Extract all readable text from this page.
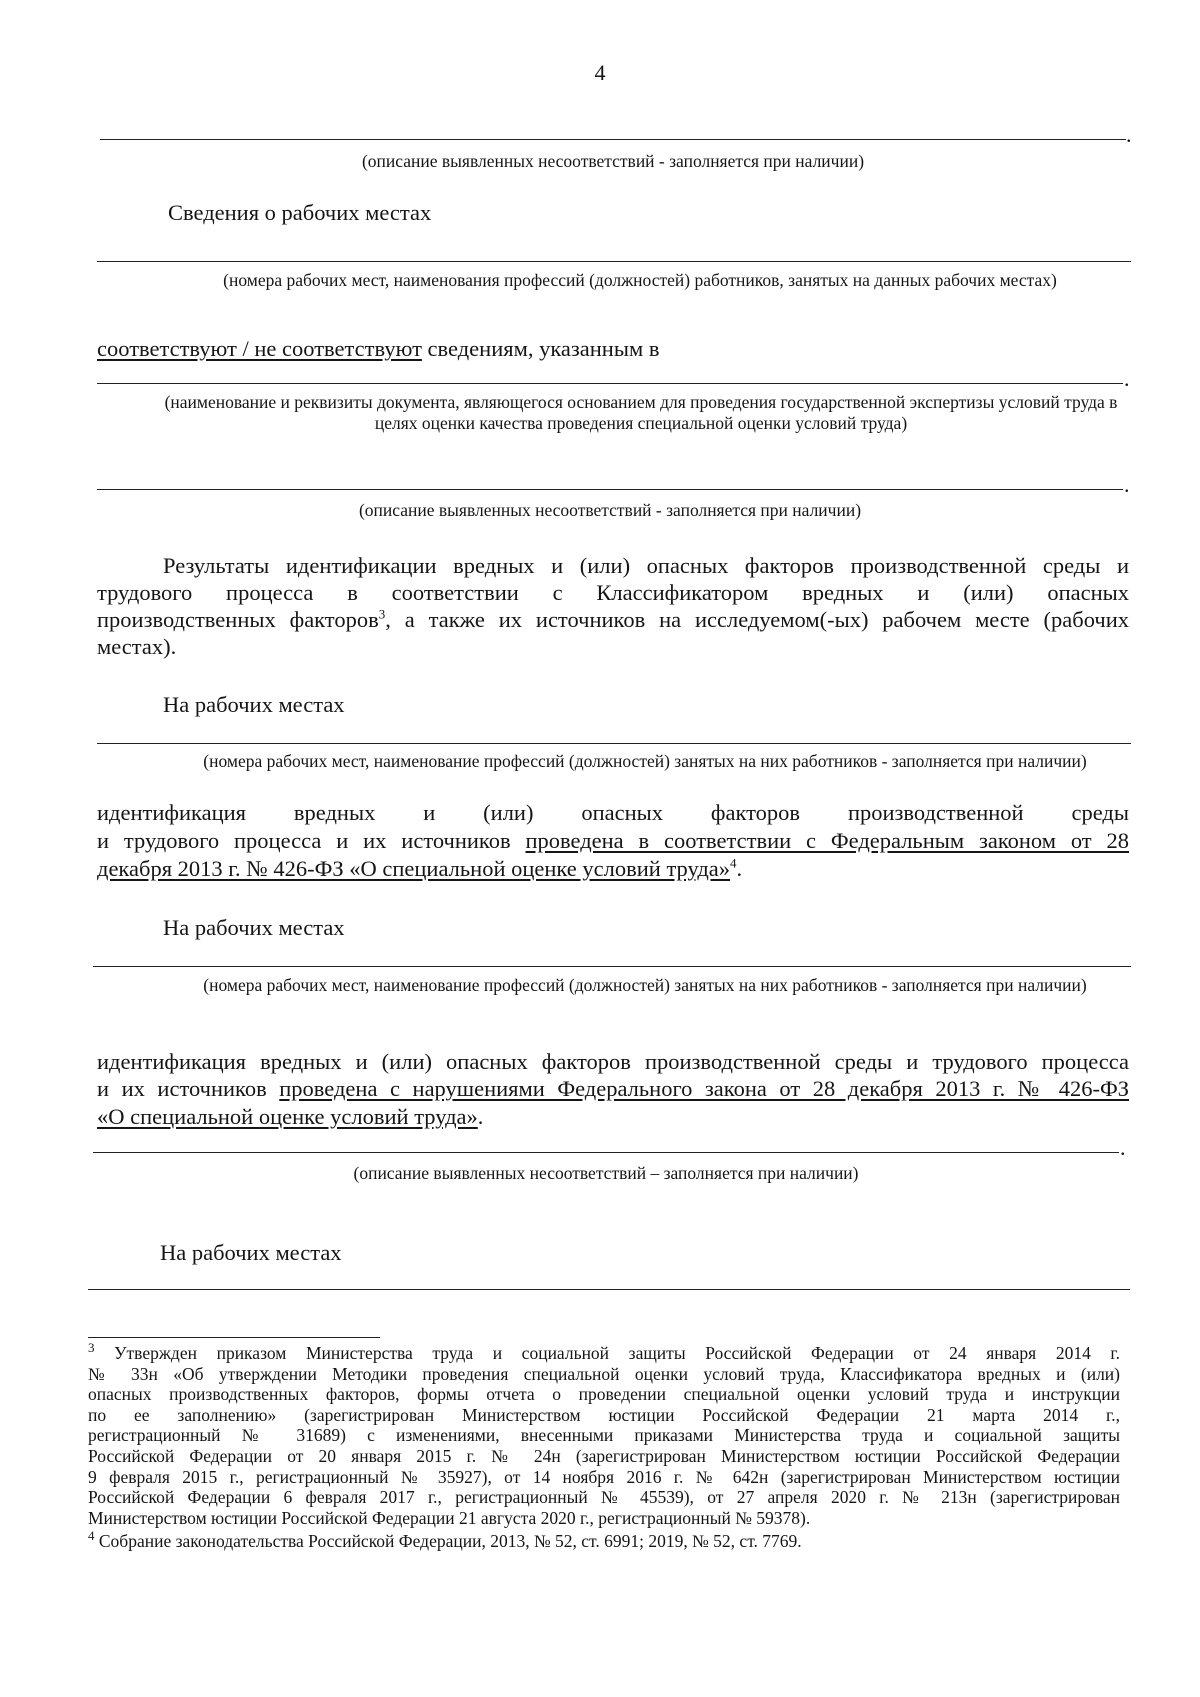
4
.
(описание выявленных несоответствий - заполняется при наличии)
Сведения о рабочих местах
(номера рабочих мест, наименования профессий (должностей) работников, занятых на данных рабочих местах)
соответствуют / не соответствуют сведениям, указанным в
.
(наименование и реквизиты документа, являющегося основанием для проведения государственной экспертизы условий труда в целях оценки качества проведения специальной оценки условий труда)
.
(описание выявленных несоответствий - заполняется при наличии)
Результаты идентификации вредных и (или) опасных факторов производственной среды и
трудового процесса в соответствии с Классификатором вредных и (или) опасных
производственных факторов$^3$, а также их источников на исследуемом(-ых) рабочем месте (рабочих
местах).
На рабочих местах
(номера рабочих мест, наименование профессий (должностей) занятых на них работников - заполняется при наличии)
идентификация вредных и (или) опасных факторов производственной среды
и трудового процесса и их источников проведена в соответствии с Федеральным законом от 28
декабря 2013 г. № 426-ФЗ «О специальной оценке условий труда»$^4$.
На рабочих местах
(номера рабочих мест, наименование профессий (должностей) занятых на них работников - заполняется при наличии)
идентификация вредных и (или) опасных факторов производственной среды и трудового процесса
и их источников проведена с нарушениями Федерального закона от 28 декабря 2013 г. № 426-ФЗ
«О специальной оценке условий труда».
.
(описание выявленных несоответствий – заполняется при наличии)
На рабочих местах
$^3$ Утвержден приказом Министерства труда и социальной защиты Российской Федерации от 24 января 2014 г.
№ 33н «Об утверждении Методики проведения специальной оценки условий труда, Классификатора вредных и (или)
опасных производственных факторов, формы отчета о проведении специальной оценки условий труда и инструкции
по ее заполнению» (зарегистрирован Министерством юстиции Российской Федерации 21 марта 2014 г.,
регистрационный № 31689) с изменениями, внесенными приказами Министерства труда и социальной защиты
Российской Федерации от 20 января 2015 г. № 24н (зарегистрирован Министерством юстиции Российской Федерации
9 февраля 2015 г., регистрационный № 35927), от 14 ноября 2016 г. № 642н (зарегистрирован Министерством юстиции
Российской Федерации 6 февраля 2017 г., регистрационный № 45539), от 27 апреля 2020 г. № 213н (зарегистрирован
Министерством юстиции Российской Федерации 21 августа 2020 г., регистрационный № 59378).
$^4$ Собрание законодательства Российской Федерации, 2013, № 52, ст. 6991; 2019, № 52, ст. 7769.
